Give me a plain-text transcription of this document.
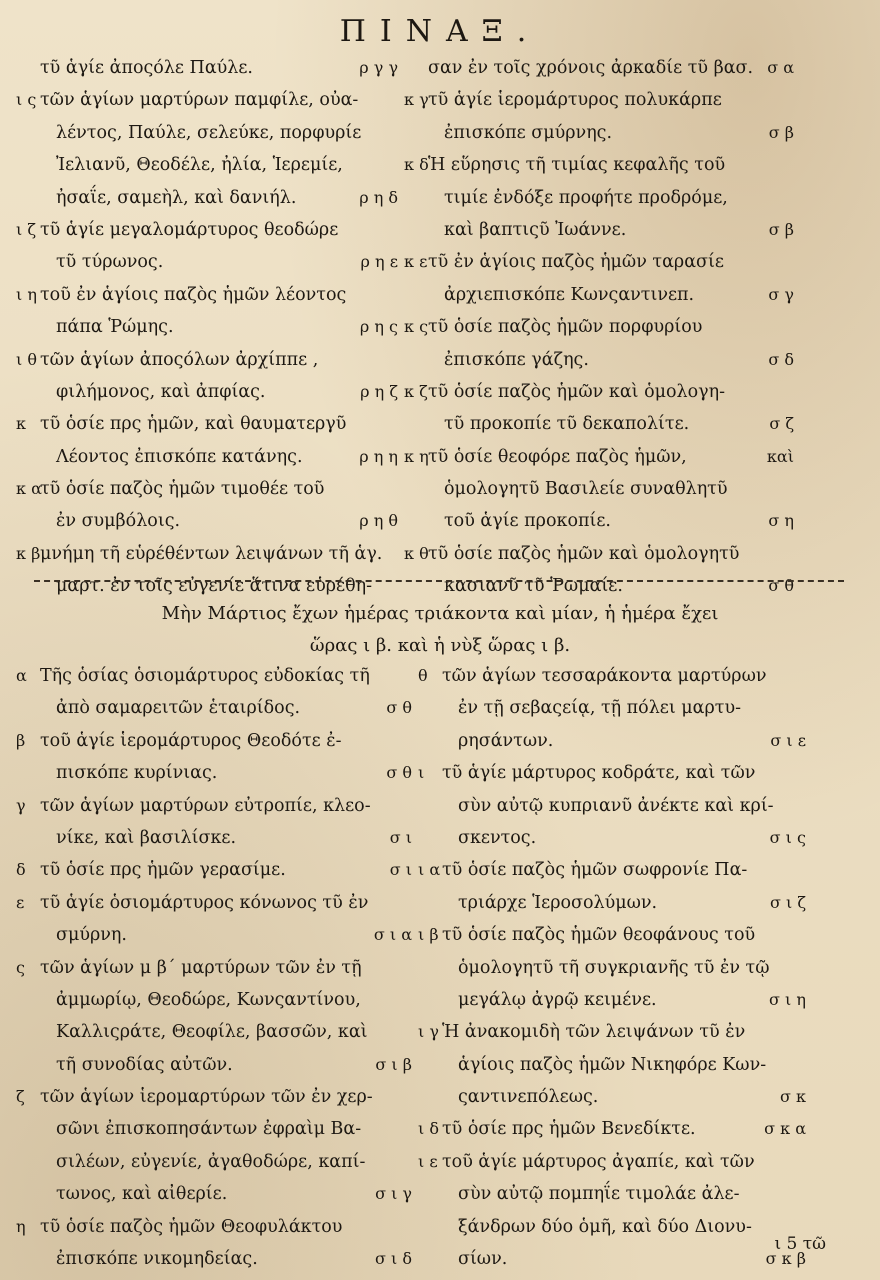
ΠΙΝΑΞ.
τῦ ἁγίε ἀποςόλε Παύλε.	ρ γ γ
ι ς τῶν ἁγίων μαρτύρων παμφίλε, οὐα-
λέντος, Παύλε, σελεύκε, πορφυρίε
Ἰελιανῦ, Θεοδέλε, ἠλία, Ἱερεμίε,
ἠσαΐε, σαμεὴλ, καὶ δανιήλ.	ρ η δ
ι ζ τῦ ἁγίε μεγαλομάρτυρος θεοδώρε
τῦ τύρωνος.	ρ η ε
ι η τοῦ ἐν ἁγίοις παζὸς ἡμῶν λέοντος
πάπα Ῥώμης.	ρ η ς
ι θ τῶν ἁγίων ἀποςόλων ἀρχίππε ,
φιλήμονος, καὶ ἀπφίας.	ρ η ζ
κ τῦ ὁσίε πρς ἡμῶν, καὶ θαυματεργῦ
Λέοντος ἐπισκόπε κατάνης.	ρ η η
κ α
τῦ ὁσίε παζὸς ἡμῶν τιμοθέε τοῦ
ἐν συμβόλοις.	ρ η θ
κ β μνήμη τῆ εὑρέθέντων λειψάνων τῆ ἁγ.
μαρτ. ἐν τοῖς εὐγενίε ἅτινα εὑρέθη-
σαν ἐν τοῖς χρόνοις ἀρκαδίε τῦ βασ. σ α
κ γ τῦ ἁγίε ἱερομάρτυρος πολυκάρπε
ἐπισκόπε σμύρνης.	σ β
κ δ Ἡ εὕρησις τῆ τιμίας κεφαλῆς τοῦ
τιμίε ἐνδόξε προφήτε προδρόμε,
καὶ βαπτιςῦ Ἰωάννε.	σ β
κ ε τῦ ἐν ἁγίοις παζὸς ἡμῶν ταρασίε
ἀρχιεπισκόπε Κωνςαντινεπ.	σ γ
κ ς τῦ ὁσίε παζὸς ἡμῶν πορφυρίου
ἐπισκόπε γάζης.	σ δ
κ ζ τῦ ὁσίε παζὸς ἡμῶν καὶ ὁμολογη-
τῦ προκοπίε τῦ δεκαπολίτε.	σ ζ
κ η τῦ ὁσίε θεοφόρε παζὸς ἡμῶν,	καὶ
ὁμολογητῦ Βασιλείε συναθλητῦ
τοῦ ἁγίε προκοπίε.	σ η
κ θ τῦ ὁσίε παζὸς ἡμῶν καὶ ὁμολογητῦ
κασιανῦ τῦ Ῥωμαίε.	σ θ
Μὴν Μάρτιος ἔχων ἡμέρας τριάκοντα καὶ μίαν, ἡ ἡμέρα ἔχει
ὥρας ι β. καὶ ἡ νὺξ ὥρας ι β.
α Τῆς ὁσίας ὁσιομάρτυρος εὐδοκίας τῆ
ἀπὸ σαμαρειτῶν ἑταιρίδος.	σ θ
β τοῦ ἁγίε ἱερομάρτυρος Θεοδότε ἐ-
πισκόπε κυρίνιας.	σ θ
γ τῶν ἁγίων μαρτύρων εὐτροπίε, κλεο-
νίκε, καὶ βασιλίσκε.	σ ι
δ τῦ ὁσίε πρς ἡμῶν γερασίμε.	σ ι
ε τῦ ἁγίε ὁσιομάρτυρος κόνωνος τῦ ἐν
σμύρνη.	σ ι α
ς τῶν ἁγίων μ β΄ μαρτύρων τῶν ἐν τῇ
ἀμμωρίῳ, Θεοδώρε, Κωνςαντίνου,
Καλλιςράτε, Θεοφίλε, βασσῶν, καὶ
τῆ συνοδίας αὐτῶν.	σ ι β
ζ τῶν ἁγίων ἱερομαρτύρων τῶν ἐν χερ-
σῶνι ἐπισκοπησάντων ἐφραὶμ Βα-
σιλέων, εὐγενίε, ἀγαθοδώρε, καπί-
τωνος, καὶ αἰθερίε.	σ ι γ
η τῦ ὁσίε παζὸς ἡμῶν Θεοφυλάκτου
ἐπισκόπε νικομηδείας.	σ ι δ
θ τῶν ἁγίων τεσσαράκοντα μαρτύρων
ἐν τῇ σεβαςείᾳ, τῇ πόλει μαρτυ-
ρησάντων.	σ ι ε
ι	τῦ ἁγίε μάρτυρος κοδράτε, καὶ τῶν
σὺν αὐτῷ κυπριανῦ ἀνέκτε καὶ κρί-
σκεντος.	σ ι ς
ι α τῦ ὁσίε παζὸς ἡμῶν σωφρονίε Πα-
τριάρχε Ἱεροσολύμων.	σ ι ζ
ι β τῦ ὁσίε παζὸς ἡμῶν θεοφάνους τοῦ
ὁμολογητῦ τῆ συγκριανῆς τῦ ἐν τῷ
μεγάλῳ ἀγρῷ κειμένε.	σ ι η
ι γ Ἡ ἀνακομιδὴ τῶν λειψάνων τῦ ἐν
ἁγίοις παζὸς ἡμῶν Νικηφόρε Κων-
ςαντινεπόλεως.	σ κ
ι δ τῦ ὁσίε πρς ἡμῶν Βενεδίκτε.	σ κ α
ι ε τοῦ ἁγίε μάρτυρος ἀγαπίε, καὶ τῶν
σὺν αὐτῷ πομπηΐε τιμολάε ἀλε-
ξάνδρων δύο ὁμῆ, καὶ δύο Διονυ-
σίων.	σ κ β
ι 5 τῶ
